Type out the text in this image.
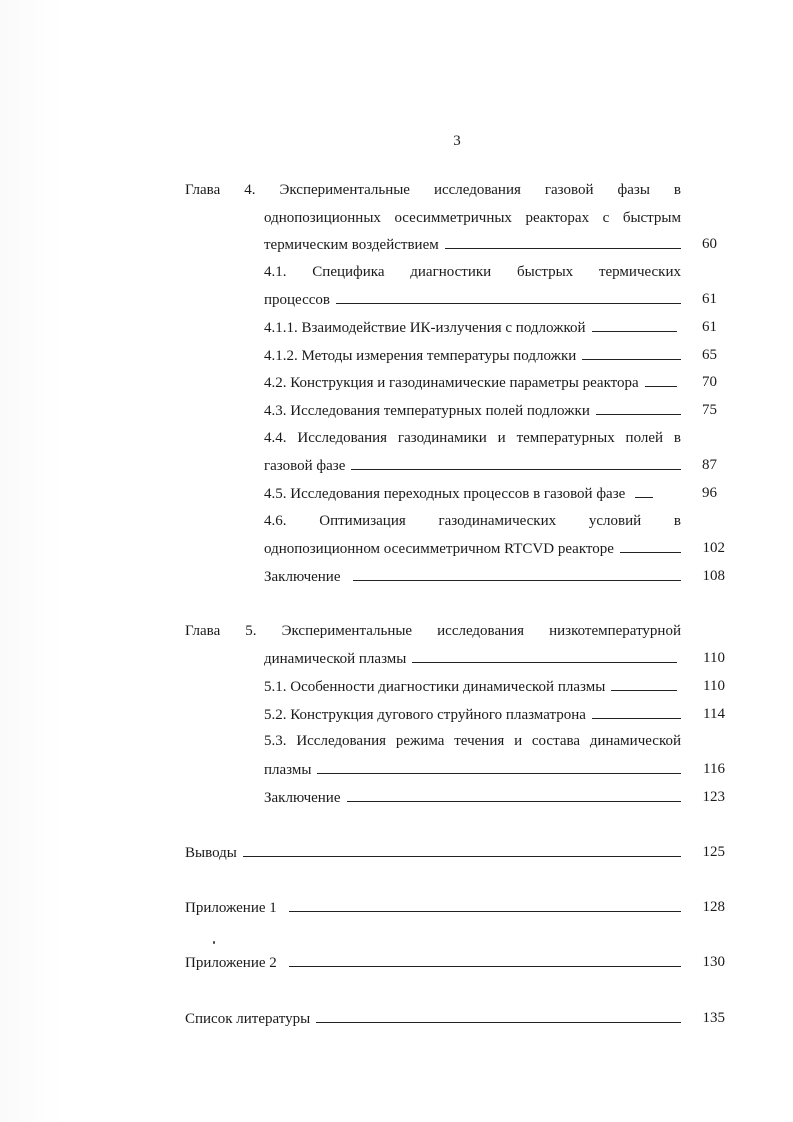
3
Глава 4. Экспериментальные исследования газовой фазы в
однопозиционных осесимметричных реакторах с быстрым
термическим воздействием	60
4.1. Специфика диагностики быстрых термических
процессов	61
4.1.1. Взаимодействие ИК-излучения с подложкой	61
4.1.2. Методы измерения температуры подложки	65
4.2. Конструкция и газодинамические параметры реактора	70
4.3. Исследования температурных полей подложки	75
4.4. Исследования газодинамики и температурных полей в
газовой фазе	87
4.5. Исследования переходных процессов в газовой фазе	96
4.6. Оптимизация газодинамических условий в
однопозиционном осесимметричном RTCVD реакторе	102
Заключение	108
Глава 5. Экспериментальные исследования низкотемпературной
динамической плазмы	110
5.1. Особенности диагностики динамической плазмы	110
5.2. Конструкция дугового струйного плазматрона	114
5.3. Исследования режима течения и состава динамической
плазмы	116
Заключение	123
Выводы	125
Приложение 1	128
Приложение 2	130
Список литературы	135
